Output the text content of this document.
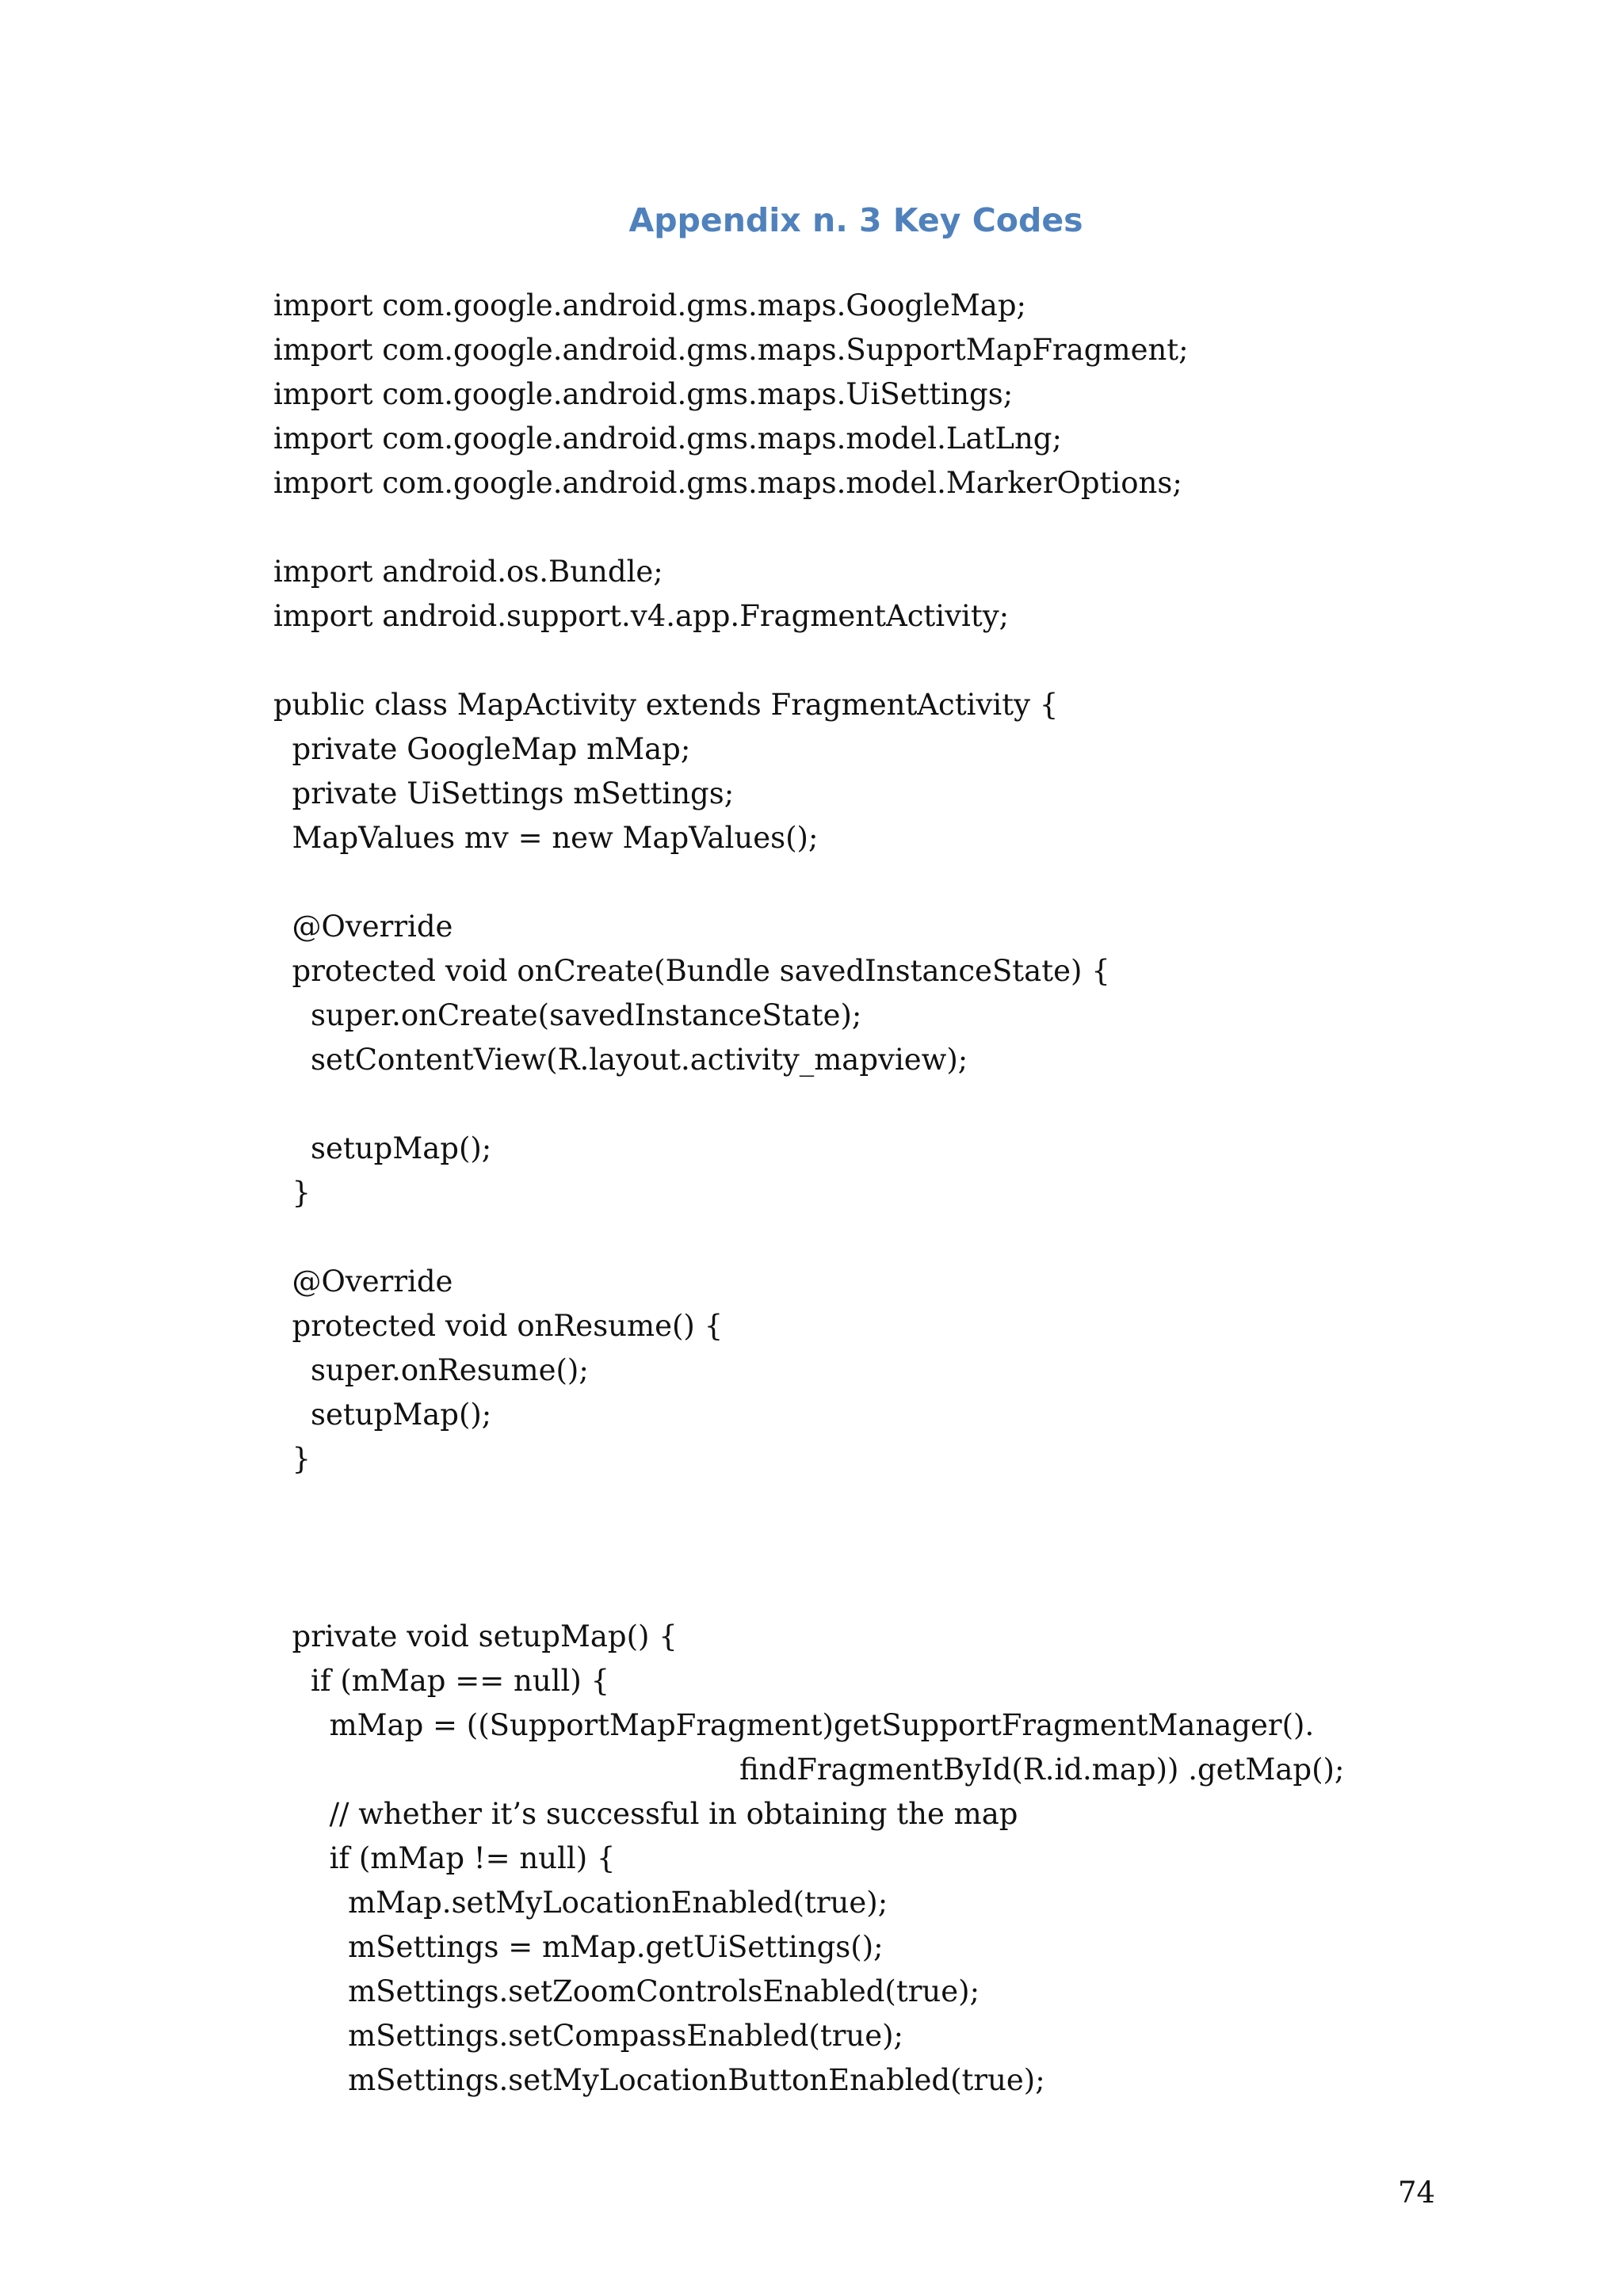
Appendix n. 3 Key Codes
import com.google.android.gms.maps.GoogleMap;
import com.google.android.gms.maps.SupportMapFragment;
import com.google.android.gms.maps.UiSettings;
import com.google.android.gms.maps.model.LatLng;
import com.google.android.gms.maps.model.MarkerOptions;
import android.os.Bundle;
import android.support.v4.app.FragmentActivity;
public class MapActivity extends FragmentActivity {
private GoogleMap mMap;
private UiSettings mSettings;
MapValues mv = new MapValues();
@Override
protected void onCreate(Bundle savedInstanceState) {
super.onCreate(savedInstanceState);
setContentView(R.layout.activity_mapview);
setupMap();
}
@Override
protected void onResume() {
super.onResume();
setupMap();
}
private void setupMap() {
if (mMap == null) {
mMap = ((SupportMapFragment)getSupportFragmentManager().
findFragmentById(R.id.map)) .getMap();
// whether it’s successful in obtaining the map
if (mMap != null) {
mMap.setMyLocationEnabled(true);
mSettings = mMap.getUiSettings();
mSettings.setZoomControlsEnabled(true);
mSettings.setCompassEnabled(true);
mSettings.setMyLocationButtonEnabled(true);
74
